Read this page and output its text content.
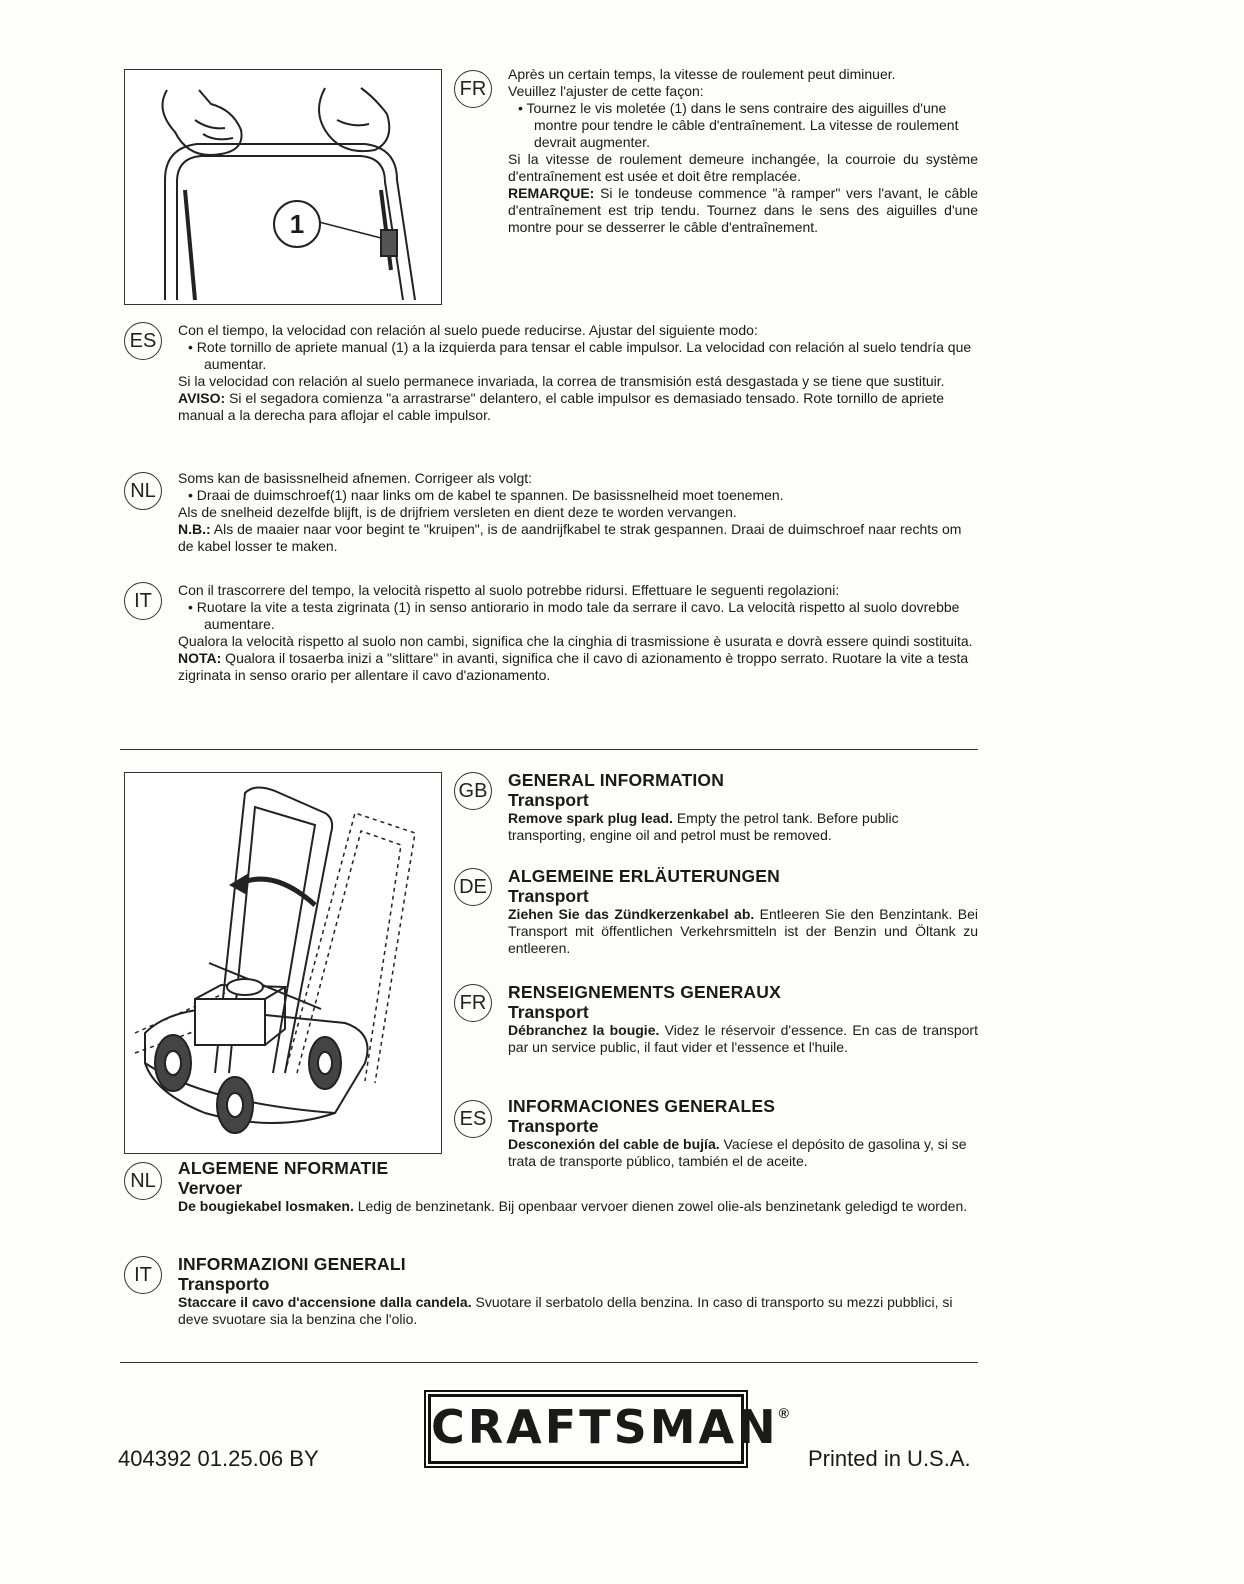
1
FR

Après un certain temps, la vitesse de roulement peut diminuer.

Veuillez l'ajuster de cette façon:

• Tournez le vis moletée (1) dans le sens contraire des aiguilles d'une montre pour tendre le câble d'entraînement. La vitesse de roulement devrait augmenter.

Si la vitesse de roulement demeure inchangée, la courroie du système d'entraînement est usée et doit être remplacée.

REMARQUE: Si le tondeuse commence "à ramper" vers l'avant, le câble d'entraînement est trip tendu. Tournez dans le sens des aiguilles d'une montre pour se desserrer le câble d'entraînement.

ES	Con el tiempo, la velocidad con relación al suelo puede reducirse. Ajustar del siguiente modo:

• Rote tornillo de apriete manual (1) a la izquierda para tensar el cable impulsor. La velocidad con relación al suelo tendría que aumentar.

Si la velocidad con relación al suelo permanece invariada, la correa de transmisión está desgastada y se tiene que sustituir.

AVISO: Si el segadora comienza "a arrastrarse" delantero, el cable impulsor es demasiado tensado. Rote tornillo de apriete manual a la derecha para aflojar el cable impulsor.

NL

Soms kan de basissnelheid afnemen. Corrigeer als volgt:

• Draai de duimschroef(1) naar links om de kabel te spannen. De basissnelheid moet toenemen.

Als de snelheid dezelfde blijft, is de drijfriem versleten en dient deze te worden vervangen.

N.B.: Als de maaier naar voor begint te "kruipen", is de aandrijfkabel te strak gespannen. Draai de duimschroef naar rechts om de kabel losser te maken.

IT	Con il trascorrere del tempo, la velocità rispetto al suolo potrebbe ridursi. Effettuare le seguenti regolazioni:

• Ruotare la vite a testa zigrinata (1) in senso antiorario in modo tale da serrare il cavo. La velocità rispetto al suolo dovrebbe aumentare.

Qualora la velocità rispetto al suolo non cambi, significa che la cinghia di trasmissione è usurata e dovrà essere quindi sostituita.

NOTA: Qualora il tosaerba inizi a "slittare" in avanti, significa che il cavo di azionamento è troppo serrato. Ruotare la vite a testa zigrinata in senso orario per allentare il cavo d'azionamento.

GB GENERAL INFORMATION

Transport

Remove spark plug lead. Empty the petrol tank. Before public transporting, engine oil and petrol must be removed.

DE ALGEMEINE ERLÄUTERUNGEN

Transport

Ziehen Sie das Zündkerzenkabel ab. Entleeren Sie den Benzintank. Bei Transport mit öffentlichen Verkehrsmitteln ist der Benzin und Öltank zu entleeren.

FR	RENSEIGNEMENTS GENERAUX

Transport

Débranchez la bougie. Videz le réservoir d'essence. En cas de transport par un service public, il faut vider et l'essence et l'huile.

ES

INFORMACIONES GENERALES

Transporte

Desconexión del cable de bujía. Vacíese el depósito de gasolina y, si se trata de transporte público, también el de aceite.

NL

ALGEMENE NFORMATIE

Vervoer

De bougiekabel losmaken. Ledig de benzinetank. Bij openbaar vervoer dienen zowel olie-als benzinetank geledigd te worden.

IT	INFORMAZIONI GENERALI

Transporto

Staccare il cavo d'accensione dalla candela. Svuotare il serbatolo della benzina. In caso di transporto su mezzi pubblici, si deve svuotare sia la benzina che l'olio.

404392 01.25.06 BY
CRAFTSMAN®
Printed in U.S.A.
